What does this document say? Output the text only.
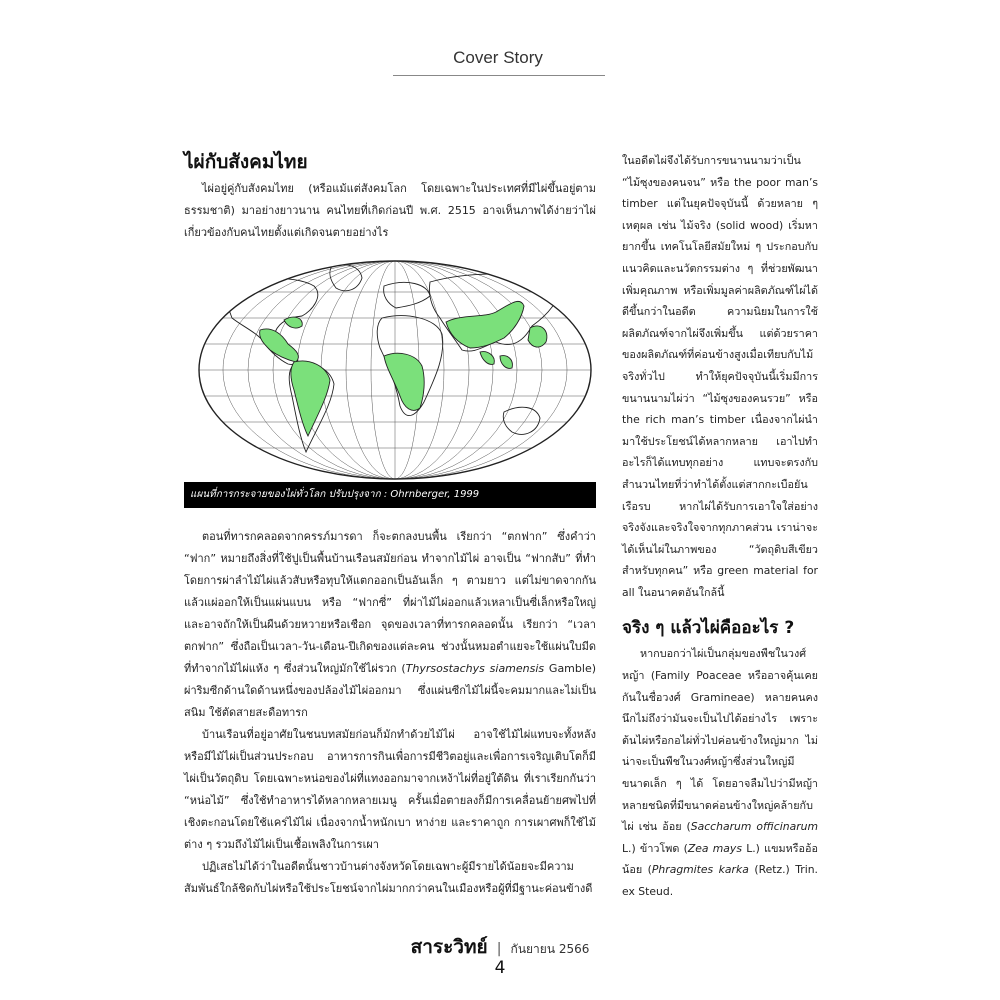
Cover Story
ไผ่กับสังคมไทย

ไผ่อยู่คู่กับสังคมไทย (หรือแม้แต่สังคมโลก โดยเฉพาะในประเทศที่มีไผ่ขึ้นอยู่ตามธรรมชาติ) มาอย่างยาวนาน คนไทยที่เกิดก่อนปี พ.ศ. 2515 อาจเห็นภาพได้ง่ายว่าไผ่เกี่ยวข้องกับคนไทยตั้งแต่เกิดจนตายอย่างไร

แผนที่การกระจายของไผ่ทั่วโลก ปรับปรุงจาก : Ohrnberger, 1999

ตอนที่ทารกคลอดจากครรภ์มารดา ก็จะตกลงบนพื้น เรียกว่า “ตกฟาก” ซึ่งคำว่า “ฟาก” หมายถึงสิ่งที่ใช้ปูเป็นพื้นบ้านเรือนสมัยก่อน ทำจากไม้ไผ่ อาจเป็น “ฟากสับ” ที่ทำโดยการผ่าลำไม้ไผ่แล้วสับหรือทุบให้แตกออกเป็นอันเล็ก ๆ ตามยาว แต่ไม่ขาดจากกัน แล้วแผ่ออกให้เป็นแผ่นแบน หรือ “ฟากซี่” ที่ผ่าไม้ไผ่ออกแล้วเหลาเป็นซี่เล็กหรือใหญ่ และอาจถักให้เป็นผืนด้วยหวายหรือเชือก จุดของเวลาที่ทารกคลอดนั้น เรียกว่า “เวลาตกฟาก” ซึ่งถือเป็นเวลา-วัน-เดือน-ปีเกิดของแต่ละคน ช่วงนั้นหมอตำแยจะใช้แผ่นใบมีดที่ทำจากไม้ไผ่แห้ง ๆ ซึ่งส่วนใหญ่มักใช้ไผ่รวก (Thyrsostachys siamensis Gamble) ผ่าริมซีกด้านใดด้านหนึ่งของปล้องไม้ไผ่ออกมา ซึ่งแผ่นซีกไม้ไผ่นี้จะคมมากและไม่เป็นสนิม ใช้ตัดสายสะดือทารก

บ้านเรือนที่อยู่อาศัยในชนบทสมัยก่อนก็มักทำด้วยไม้ไผ่ อาจใช้ไม้ไผ่แทบจะทั้งหลังหรือมีไม้ไผ่เป็นส่วนประกอบ อาหารการกินเพื่อการมีชีวิตอยู่และเพื่อการเจริญเติบโตก็มีไผ่เป็นวัตถุดิบ โดยเฉพาะหน่อของไผ่ที่แทงออกมาจากเหง้าไผ่ที่อยู่ใต้ดิน ที่เราเรียกกันว่า “หน่อไม้” ซึ่งใช้ทำอาหารได้หลากหลายเมนู ครั้นเมื่อตายลงก็มีการเคลื่อนย้ายศพไปที่เชิงตะกอนโดยใช้แคร่ไม้ไผ่ เนื่องจากน้ำหนักเบา หาง่าย และราคาถูก การเผาศพก็ใช้ไม้ต่าง ๆ รวมถึงไม้ไผ่เป็นเชื้อเพลิงในการเผา

ปฏิเสธไม่ได้ว่าในอดีตนั้นชาวบ้านต่างจังหวัดโดยเฉพาะผู้มีรายได้น้อยจะมีความสัมพันธ์ใกล้ชิดกับไผ่หรือใช้ประโยชน์จากไผ่มากกว่าคนในเมืองหรือผู้ที่มีฐานะค่อนข้างดี

ในอดีตไผ่จึงได้รับการขนานนามว่าเป็น “ไม้ซุงของคนจน” หรือ the poor man’s timber แต่ในยุคปัจจุบันนี้ ด้วยหลาย ๆ เหตุผล เช่น ไม้จริง (solid wood) เริ่มหายากขึ้น เทคโนโลยีสมัยใหม่ ๆ ประกอบกับแนวคิดและนวัตกรรมต่าง ๆ ที่ช่วยพัฒนาเพิ่มคุณภาพ หรือเพิ่มมูลค่าผลิตภัณฑ์ไผ่ได้ดีขึ้นกว่าในอดีต ความนิยมในการใช้ผลิตภัณฑ์จากไผ่จึงเพิ่มขึ้น แต่ด้วยราคาของผลิตภัณฑ์ที่ค่อนข้างสูงเมื่อเทียบกับไม้จริงทั่วไป ทำให้ยุคปัจจุบันนี้เริ่มมีการขนานนามไผ่ว่า “ไม้ซุงของคนรวย” หรือ the rich man’s timber เนื่องจากไผ่นำมาใช้ประโยชน์ได้หลากหลาย เอาไปทำอะไรก็ได้แทบทุกอย่าง แทบจะตรงกับสำนวนไทยที่ว่าทำได้ตั้งแต่สากกะเบือยันเรือรบ หากไผ่ได้รับการเอาใจใส่อย่างจริงจังและจริงใจจากทุกภาคส่วน เราน่าจะได้เห็นไผ่ในภาพของ “วัตถุดิบสีเขียวสำหรับทุกคน” หรือ green material for all ในอนาคตอันใกล้นี้

จริง ๆ แล้วไผ่คืออะไร ?

หากบอกว่าไผ่เป็นกลุ่มของพืชในวงศ์หญ้า (Family Poaceae หรืออาจคุ้นเคยกันในชื่อวงศ์ Gramineae) หลายคนคงนึกไม่ถึงว่ามันจะเป็นไปได้อย่างไร เพราะต้นไผ่หรือกอไผ่ทั่วไปค่อนข้างใหญ่มาก ไม่น่าจะเป็นพืชในวงศ์หญ้าซึ่งส่วนใหญ่มีขนาดเล็ก ๆ ได้ โดยอาจลืมไปว่ามีหญ้าหลายชนิดที่มีขนาดค่อนข้างใหญ่คล้ายกับไผ่ เช่น อ้อย (Saccharum officinarum L.) ข้าวโพด (Zea mays L.) แขมหรืออ้อน้อย (Phragmites karka (Retz.) Trin. ex Steud.

สาระวิทย์ | กันยายน 2566
4
